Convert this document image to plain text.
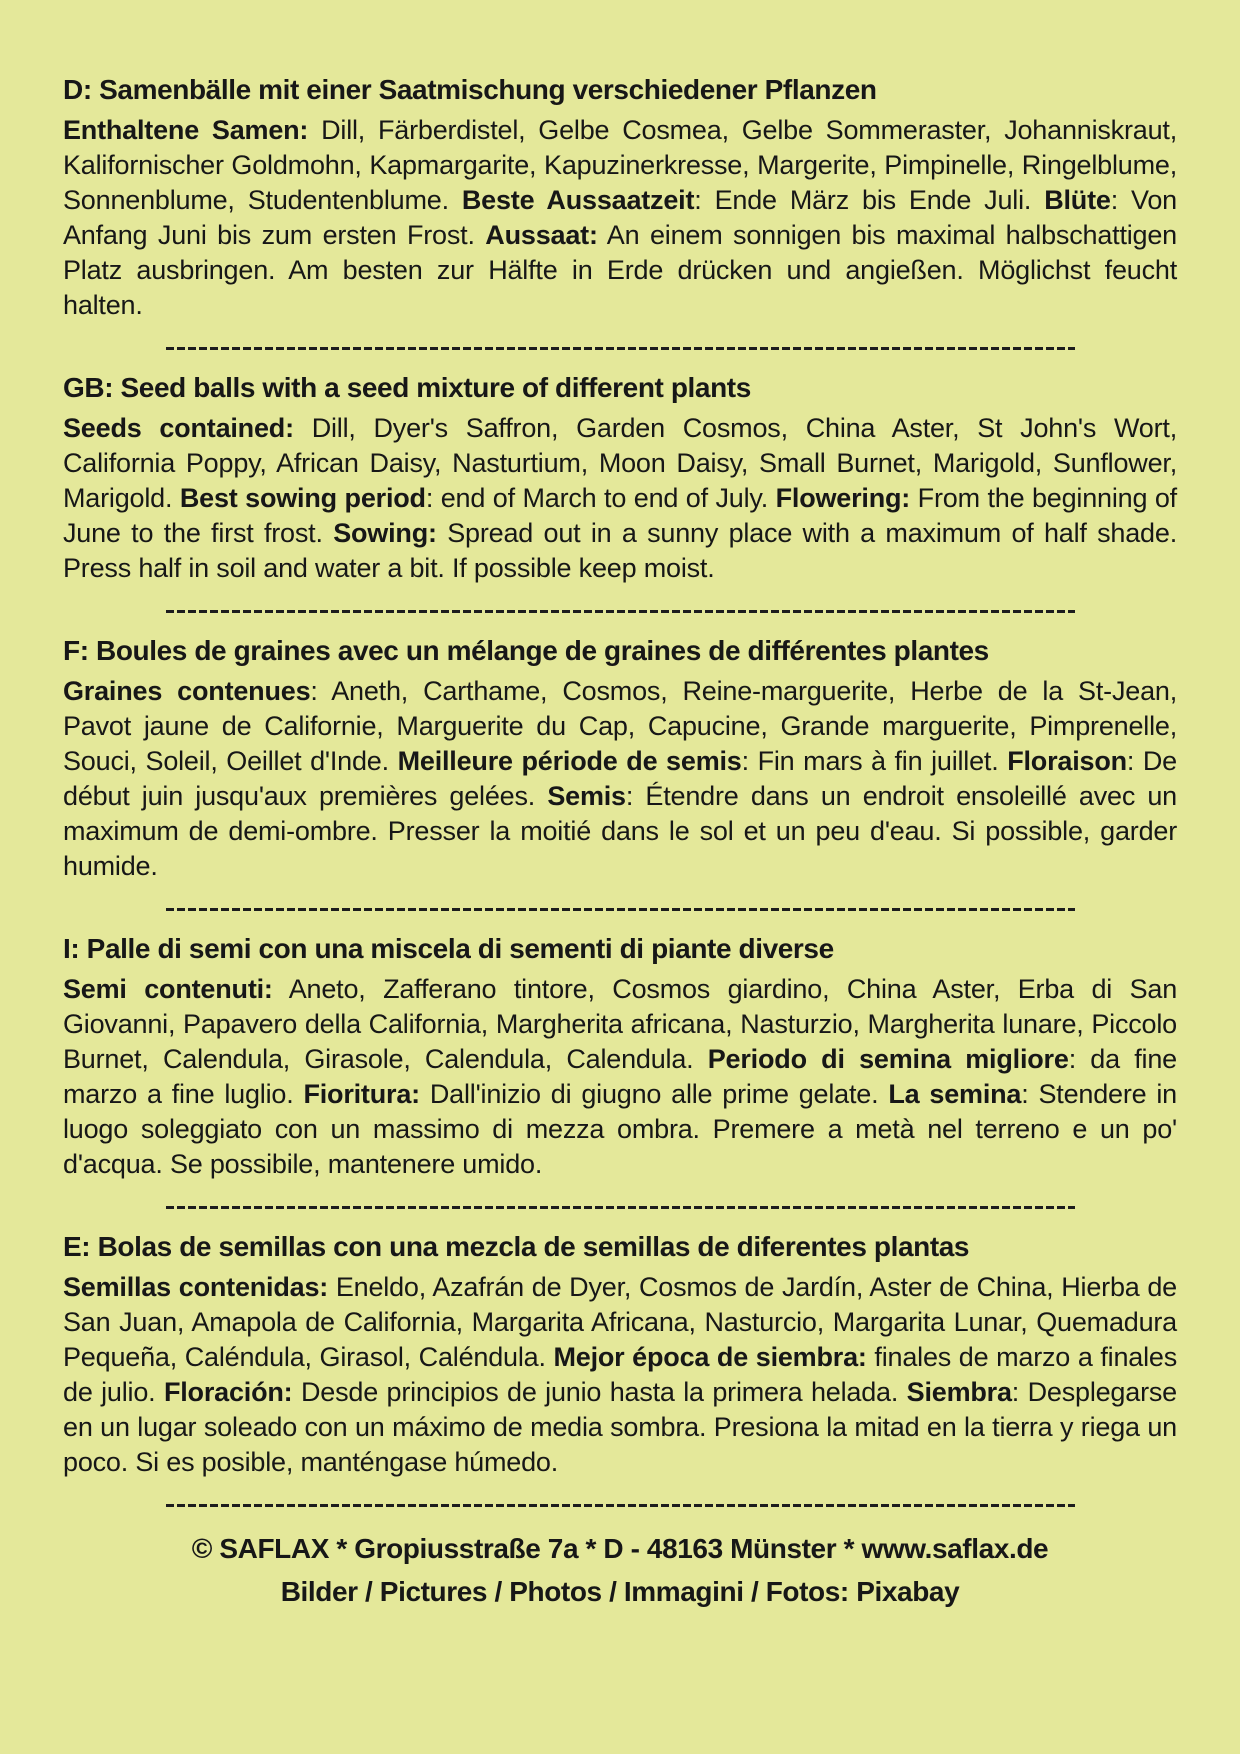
D: Samenbälle mit einer Saatmischung verschiedener Pflanzen

Enthaltene Samen: Dill, Färberdistel, Gelbe Cosmea, Gelbe Sommeraster, Johanniskraut, Kalifornischer Goldmohn, Kapmargarite, Kapuzinerkresse, Margerite, Pimpinelle, Ringelblume, Sonnenblume, Studentenblume. Beste Aussaatzeit: Ende März bis Ende Juli. Blüte: Von Anfang Juni bis zum ersten Frost. Aussaat: An einem sonnigen bis maximal halbschattigen Platz ausbringen. Am besten zur Hälfte in Erde drücken und angießen. Möglichst feucht halten.

GB: Seed balls with a seed mixture of different plants

Seeds contained: Dill, Dyer's Saffron, Garden Cosmos, China Aster, St John's Wort, California Poppy, African Daisy, Nasturtium, Moon Daisy, Small Burnet, Marigold, Sunflower, Marigold. Best sowing period: end of March to end of July. Flowering: From the beginning of June to the first frost. Sowing: Spread out in a sunny place with a maximum of half shade. Press half in soil and water a bit. If possible keep moist.

F: Boules de graines avec un mélange de graines de différentes plantes

Graines contenues: Aneth, Carthame, Cosmos, Reine-marguerite, Herbe de la St-Jean, Pavot jaune de Californie, Marguerite du Cap, Capucine, Grande marguerite, Pimprenelle, Souci, Soleil, Oeillet d'Inde. Meilleure période de semis: Fin mars à fin juillet. Floraison: De début juin jusqu'aux premières gelées. Semis: Étendre dans un endroit ensoleillé avec un maximum de demi-ombre. Presser la moitié dans le sol et un peu d'eau. Si possible, garder humide.

I: Palle di semi con una miscela di sementi di piante diverse

Semi contenuti: Aneto, Zafferano tintore, Cosmos giardino, China Aster, Erba di San Giovanni, Papavero della California, Margherita africana, Nasturzio, Margherita lunare, Piccolo Burnet, Calendula, Girasole, Calendula, Calendula. Periodo di semina migliore: da fine marzo a fine luglio. Fioritura: Dall'inizio di giugno alle prime gelate. La semina: Stendere in luogo soleggiato con un massimo di mezza ombra. Premere a metà nel terreno e un po' d'acqua. Se possibile, mantenere umido.

E: Bolas de semillas con una mezcla de semillas de diferentes plantas

Semillas contenidas: Eneldo, Azafrán de Dyer, Cosmos de Jardín, Aster de China, Hierba de San Juan, Amapola de California, Margarita Africana, Nasturcio, Margarita Lunar, Quemadura Pequeña, Caléndula, Girasol, Caléndula. Mejor época de siembra: finales de marzo a finales de julio. Floración: Desde principios de junio hasta la primera helada. Siembra: Desplegarse en un lugar soleado con un máximo de media sombra. Presiona la mitad en la tierra y riega un poco. Si es posible, manténgase húmedo.

© SAFLAX * Gropiusstraße 7a * D - 48163 Münster * www.saflax.de

Bilder / Pictures / Photos / Immagini / Fotos: Pixabay
